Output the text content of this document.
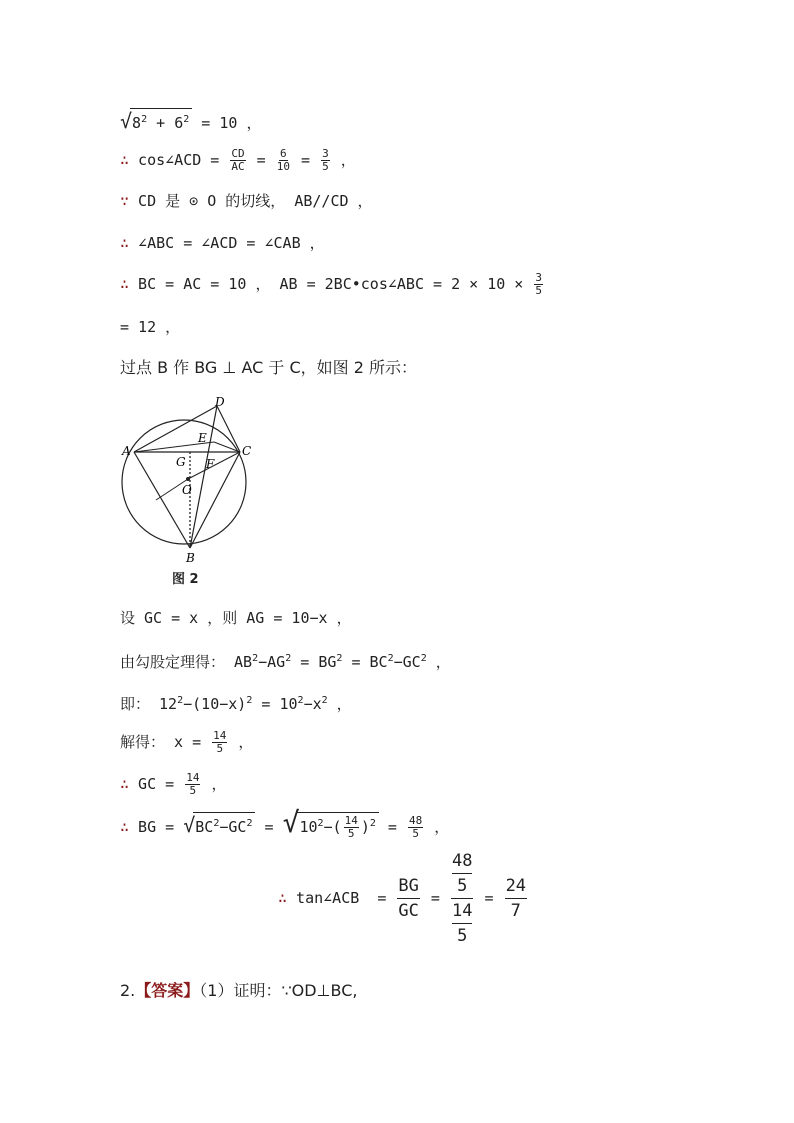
$√8^2 + 6^2 = 10$ ，
∴ cos∠ACD = $\frac{CD}{AC} = \frac{6}{10} = \frac{3}{5}$ ，
∵ CD 是 ⊙ O 的切线， AB//CD ，
∴ ∠ABC = ∠ACD = ∠CAB ，
∴ BC = AC = 10 ， AB = 2BC•cos∠ABC = $2 \times 10 \times \frac{3}{5}$
= 12 ，
过点 B 作 BG ⊥ AC 于 C，如图 2 所示：
A
B
C
D
E
F
G
O
图 2
设 GC = x ，则 AG = 10−x ，
由勾股定理得： $AB^2-AG^2 = BG^2 = BC^2-GC^2$ ，
即： $12^2-(10-x)^2 = 10^2-x^2$ ，
解得： $x = \frac{14}{5}$ ，
∴ GC = $\frac{14}{5}$ ，
∴ BG = $√BC^2-GC^2 = √10^2-( \frac{14}{5} )^2 = \frac{48}{5}$ ，
∴ tan∠ACB  = $\frac{BG}{GC} = \frac{\frac{48}{5}}{\frac{14}{5}} = \frac{24}{7}$
2.【答案】（1）证明：∵OD⊥BC,
